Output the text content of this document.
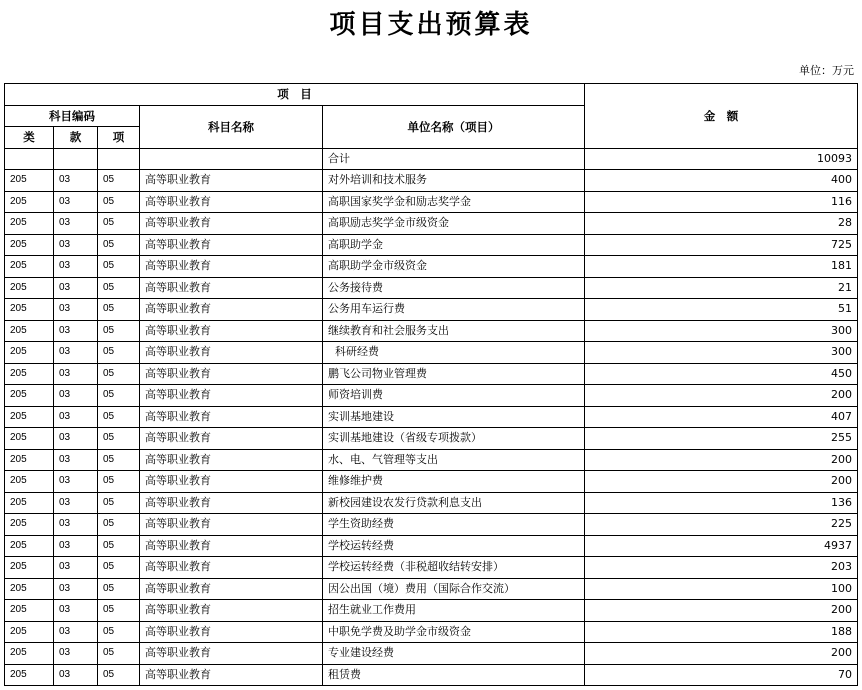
项目支出预算表
单位：万元
项　目					金　额
科目编码			科目名称	单位名称（项目）	
类	款	项			
				合计	10093
205	03	05	高等职业教育	对外培训和技术服务	400
205	03	05	高等职业教育	高职国家奖学金和励志奖学金	116
205	03	05	高等职业教育	高职励志奖学金市级资金	28
205	03	05	高等职业教育	高职助学金	725
205	03	05	高等职业教育	高职助学金市级资金	181
205	03	05	高等职业教育	公务接待费	21
205	03	05	高等职业教育	公务用车运行费	51
205	03	05	高等职业教育	继续教育和社会服务支出	300
205	03	05	高等职业教育	科研经费	300
205	03	05	高等职业教育	鹏飞公司物业管理费	450
205	03	05	高等职业教育	师资培训费	200
205	03	05	高等职业教育	实训基地建设	407
205	03	05	高等职业教育	实训基地建设（省级专项拨款）	255
205	03	05	高等职业教育	水、电、气管理等支出	200
205	03	05	高等职业教育	维修维护费	200
205	03	05	高等职业教育	新校园建设农发行贷款利息支出	136
205	03	05	高等职业教育	学生资助经费	225
205	03	05	高等职业教育	学校运转经费	4937
205	03	05	高等职业教育	学校运转经费（非税超收结转安排）	203
205	03	05	高等职业教育	因公出国（境）费用（国际合作交流）	100
205	03	05	高等职业教育	招生就业工作费用	200
205	03	05	高等职业教育	中职免学费及助学金市级资金	188
205	03	05	高等职业教育	专业建设经费	200
205	03	05	高等职业教育	租赁费	70
